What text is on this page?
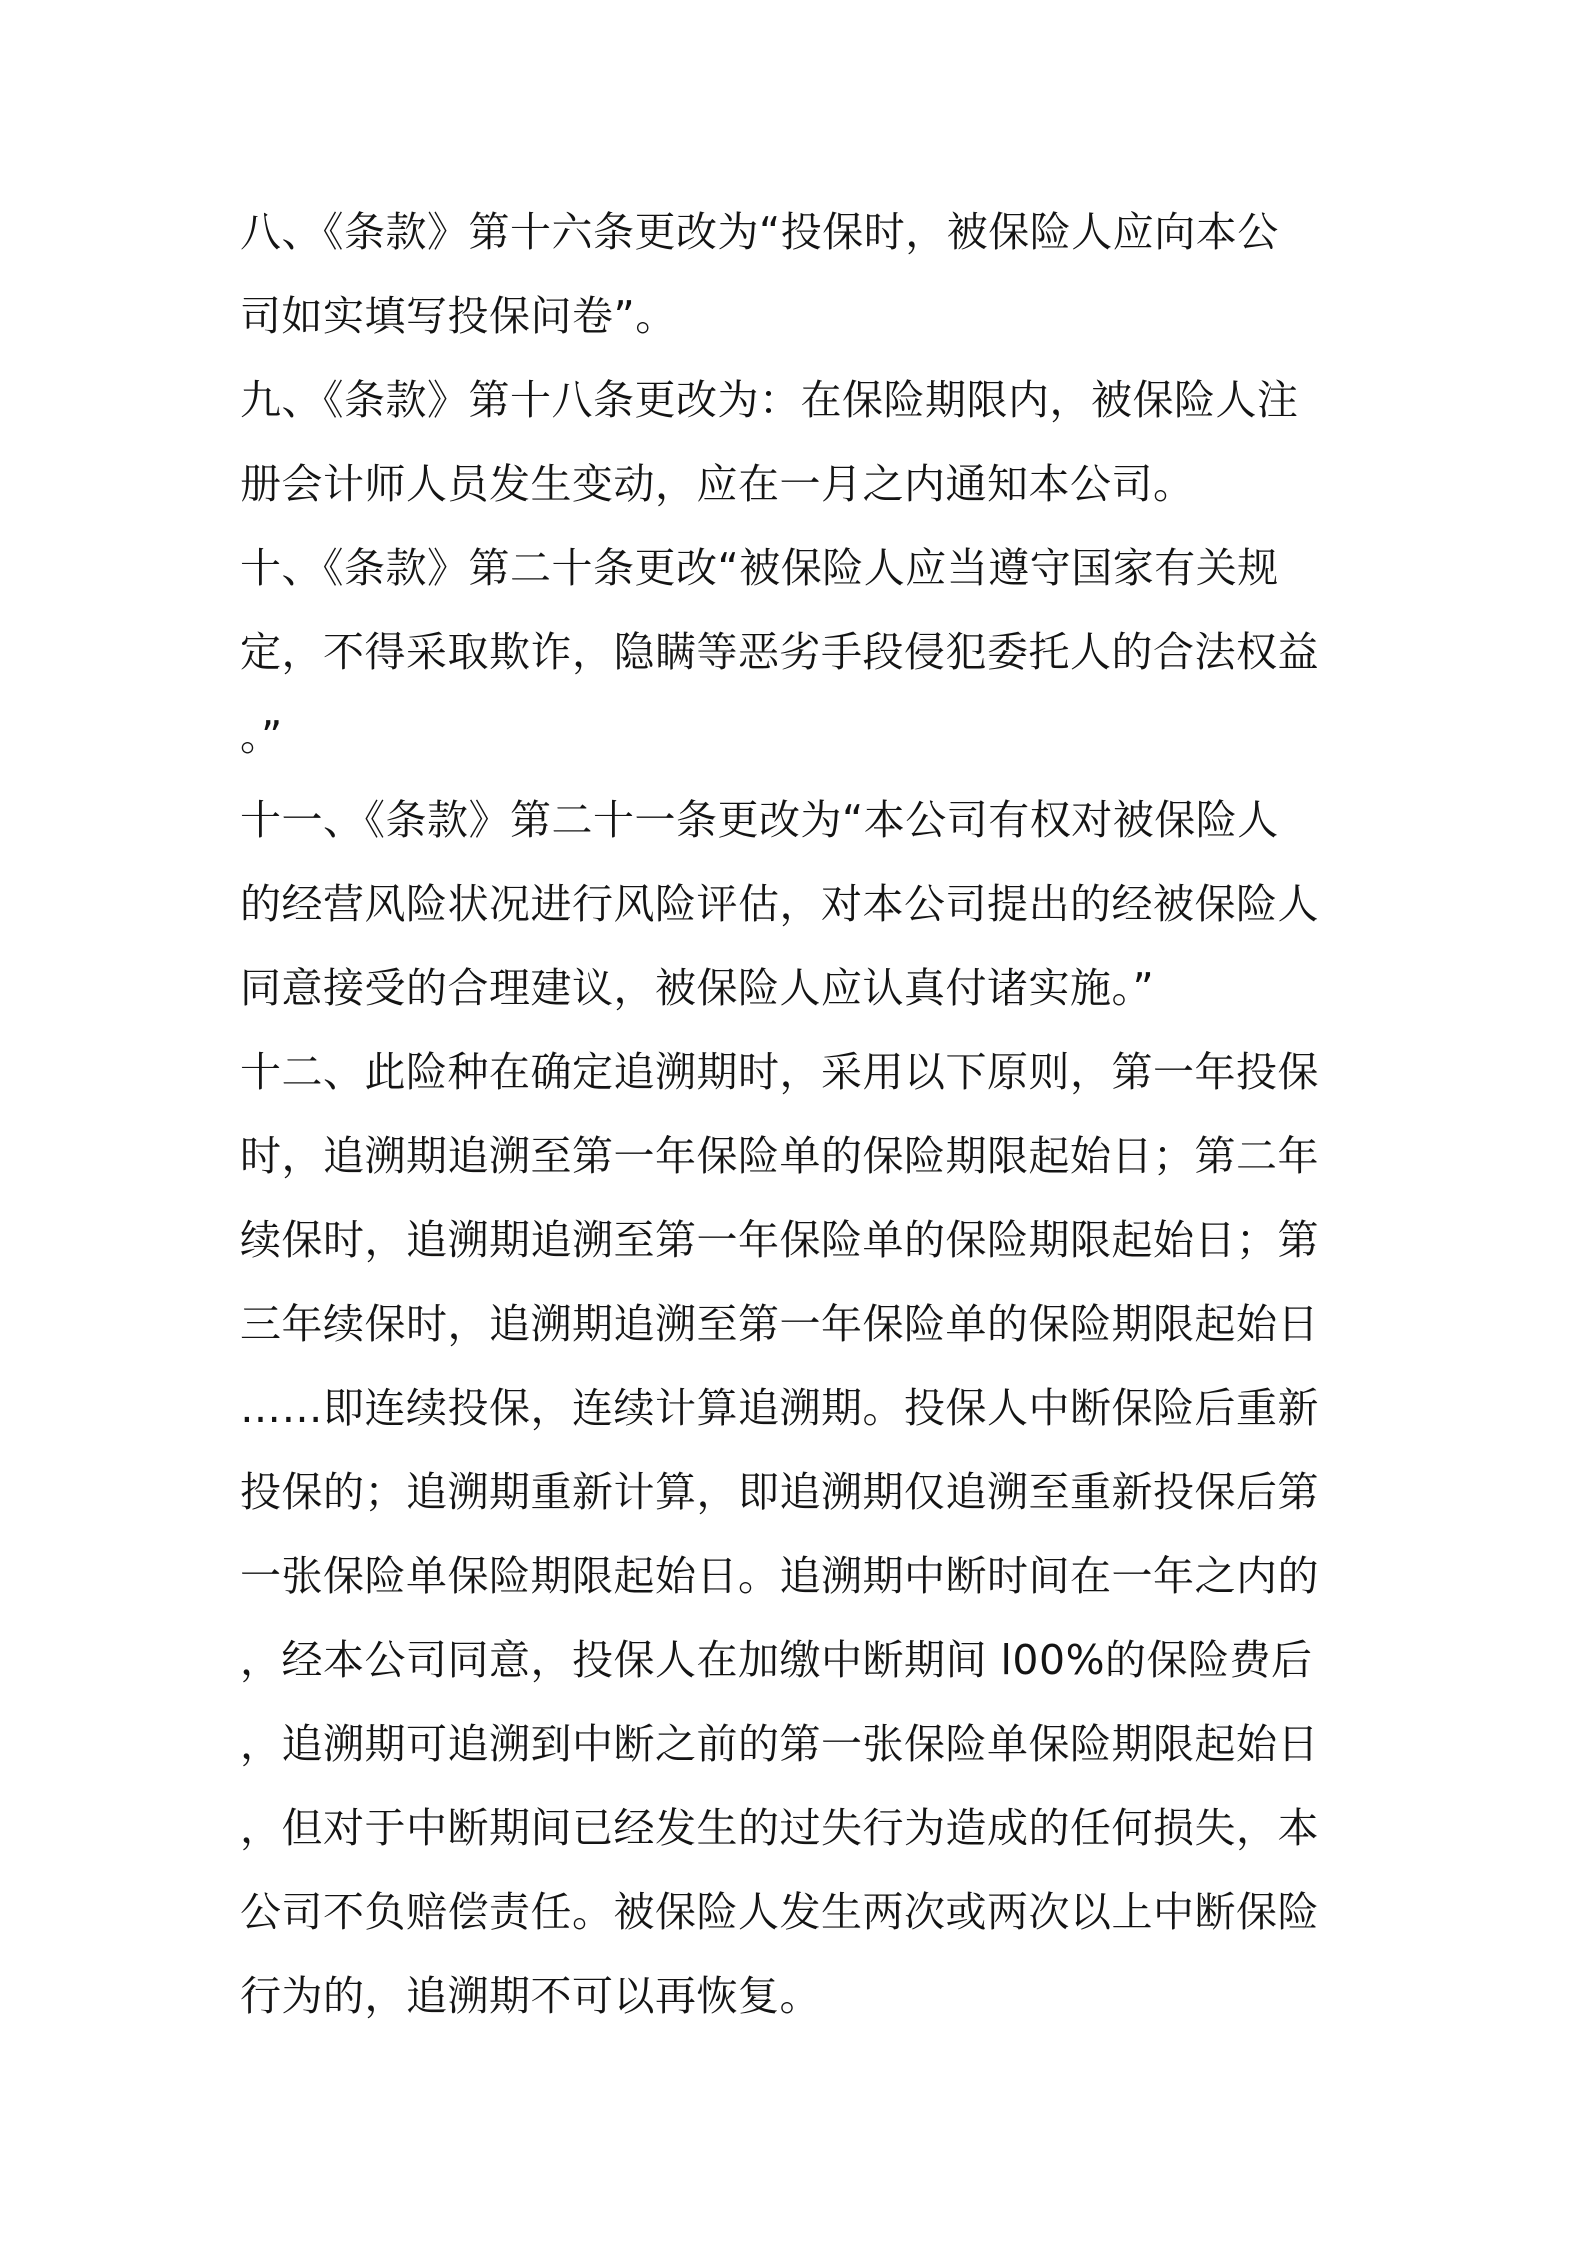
八、《条款》第十六条更改为“投保时，被保险人应向本公
司如实填写投保问卷”。
九、《条款》第十八条更改为：在保险期限内，被保险人注
册会计师人员发生变动，应在一月之内通知本公司。
十、《条款》第二十条更改“被保险人应当遵守国家有关规
定，不得采取欺诈，隐瞒等恶劣手段侵犯委托人的合法权益
。”
十一、《条款》第二十一条更改为“本公司有权对被保险人
的经营风险状况进行风险评估，对本公司提出的经被保险人
同意接受的合理建议，被保险人应认真付诸实施。”
十二、此险种在确定追溯期时，采用以下原则，第一年投保
时，追溯期追溯至第一年保险单的保险期限起始日；第二年
续保时，追溯期追溯至第一年保险单的保险期限起始日；第
三年续保时，追溯期追溯至第一年保险单的保险期限起始日
……即连续投保，连续计算追溯期。投保人中断保险后重新
投保的；追溯期重新计算，即追溯期仅追溯至重新投保后第
一张保险单保险期限起始日。追溯期中断时间在一年之内的
，经本公司同意，投保人在加缴中断期间 l00%的保险费后
，追溯期可追溯到中断之前的第一张保险单保险期限起始日
，但对于中断期间已经发生的过失行为造成的任何损失，本
公司不负赔偿责任。被保险人发生两次或两次以上中断保险
行为的，追溯期不可以再恢复。
